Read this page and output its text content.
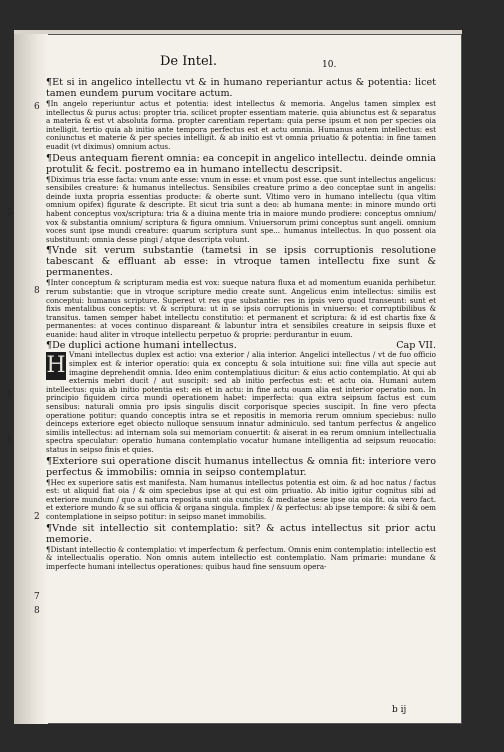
De Intel.	10.
6
3
8
4
5
2
7
8
¶Et si in angelico intellectu vt & in humano reperiantur actus & potentia: licet tamen eundem purum vocitare actum.

¶In angelo reperiuntur actus et potentia: idest intellectus & memoria. Angelus tamen simplex est intellectus & purus actus: propter tria. scilicet propter essentiam materie. quia abiunctus est & separatus a materia & est vt absoluta forma. propter carentiam repertam: quia perse ipsum et non per species oia intelligit. tertio quia ab initio ante tempora perfectus est et actu omnia. Humanus autem intellectus: est coniunctus et materie & per species intelligit. & ab initio est vt omnia priuatio & potentia: in fine tamen euadit (vt diximus) omnium actus.

¶Deus antequam fierent omnia: ea concepit in angelico intellectu. deinde omnia protulit & fecit. postremo ea in humano intellectu descripsit.

¶Diximus tria esse facta: vnum ante esse: vnum in esse: et vnum post esse. que sunt intellectus angelicus: sensibiles creature: & humanus intellectus. Sensibiles creature primo a deo conceptae sunt in angelis: deinde iuxta propria essentias producte: & oberte sunt. Vltimo vero in humano intellectu (qua vltim omnium opifex) figurate & descripte. Et sicut tria sunt a deo: ab humana mente: in minore mundo orti habent conceptus vox/scriptura: tria & a diuina mente tria in maiore mundo prodiere: conceptus omnium/ vox & substantia omnium/ scriptura & figura omnium. Vniuersorum primi conceptus sunt angeli. omnium voces sunt ipse mundi creature: quarum scriptura sunt spe... humanus intellectus. In quo possent oia substituunt: omnia desse pingi / atque descripta volunt.

¶Vnde sit verum substantie (tametsi in se ipsis corruptionis resolutione tabescant & effluant ab esse: in vtroque tamen intellectu fixe sunt & permanentes.

¶Inter conceptum & scripturam media est vox: sueque natura fluxa et ad momentum euanida perhibetur. rerum substantie: que in vtroque scripture medio create sunt. Angelicus enim intellectus: similis est conceptui: humanus scripture. Superest vt res que substantie: res in ipsis vero quod transeunt: sunt et fixis mentalibus conceptis: vt & scriptura: ut in se ipsis corruptionis in vniuerso: et corruptibilibus & transitus. tamen semper habet intellectu constitutio: et permanent et scriptura: & id est chartis fixe & permanentes: at voces continuo dispareant & labuntur intra et sensibiles creature in seipsis fluxe et euanide: haud aliter in vtroque intellectu perpetuo & proprie: perdurantur in euum.

¶De duplici actione humani intellectus.	Cap VII.

H Vmani intellectus duplex est actio: vna exterior / alia interior. Angelici intellectus / vt de fuo officio simplex est & interior operatio: quia ex conceptu & sola intuitione sui: fine villa aut specie aut imagine deprehendit omnia. Ideo enim contemplatiuus dicitur: & eius actio contemplatio. At qui ab externis mebri ducit / aut suscipit: sed ab initio perfectus est: et actu oia. Humani autem intellectus: quia ab initio potentia est: eis et in actu: in fine actu ouam alia est interior operatio non. In principio fiquidem circa mundi operationem habet: imperfecta: qua extra seipsum factus est cum sensibus: naturali omnia pro ipsis singulis discit corporisque species suscipit. In fine vero pfecta operatione potitur: quando conceptis intra se et repositis in memoria rerum omnium speciebus: nullo deinceps exteriore eget obiecto nulloque sensuum innatur adminiculo. sed tantum perfectus & angelico similis intellectus: ad internam sola sui memoriam conuertit: & aiserat in ea rerum omnium intellectualia spectra speculatur: operatio humana contemplatio vocatur humane intelligentia ad seipsum reuocatio: status in seipso finis et quies.

¶Exteriore sui operatione discit humanus intellectus & omnia fit: interiore vero perfectus & immobilis: omnia in seipso contemplatur.

¶Hec ex superiore satis est manifesta. Nam humanus intellectus potentia est oim. & ad hoc natus / factus est: ut aliquid fiat oia / & oim speciebus ipse at qui est oim priuatio. Ab initio igitur cognitus sibi ad exteriore mundum / quo a natura reposita sunt oia cunctis: & mediatae sese ipse oia oia fit. oia vero fact. et exteriore mundo & se sui officia & organa singula. fimplex / & perfectus: ab ipse tempore: & sibi & oem contemplatione in seipso potitur: in seipso manet immobilis.

¶Vnde sit intellectio sit contemplatio: sit? & actus intellectus sit prior actu memorie.

¶Distant intellectio & contemplatio: vt imperfectum & perfectum. Omnis enim contemplatio: intellectio est & intellectualis operatio. Non omnis autem intellectio est contemplatio. Nam primarie: mundane & imperfecte humani intellectus operationes: quibus haud fine sensuum opera-

b ij
